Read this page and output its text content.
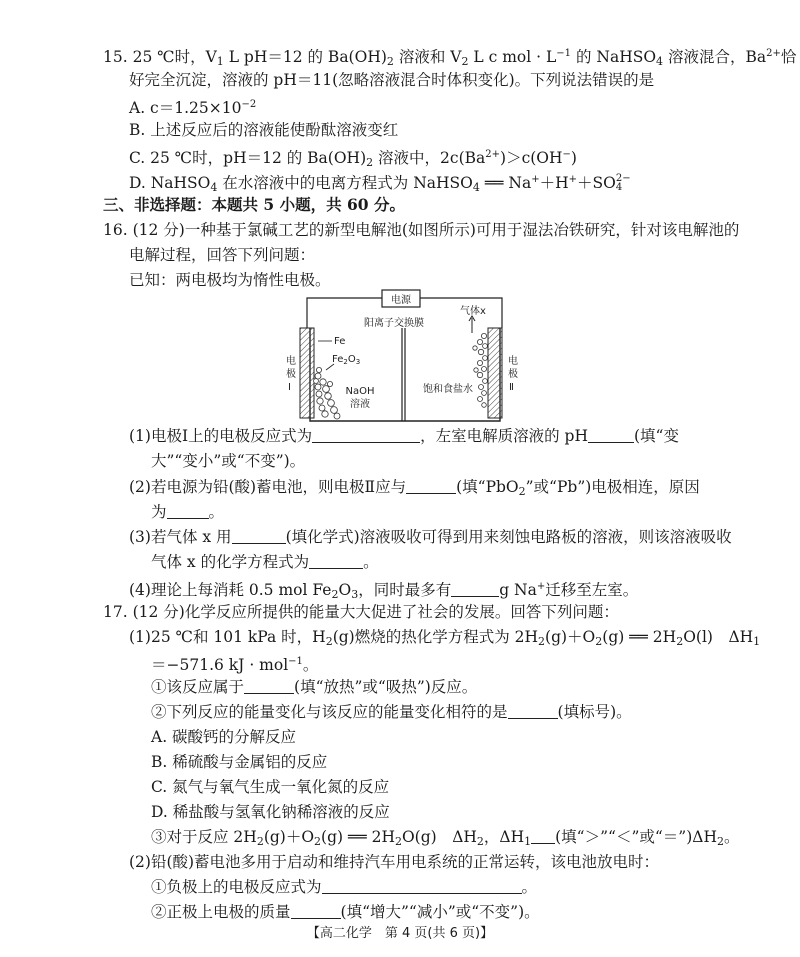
15. 25 ℃时，$V_1$ L pH＝12 的 $Ba(OH)_2$ 溶液和 $V_2$ L c mol · $L^{-1}$ 的 NaHSO$_4$ 溶液混合，$Ba^{2+}$恰
好完全沉淀，溶液的 pH＝11(忽略溶液混合时体积变化)。下列说法错误的是
A. $c=1.25\times 10^{-2}$
B. 上述反应后的溶液能使酚酞溶液变红
C. 25 ℃时，pH＝12 的 $Ba(OH)_2$ 溶液中，$2c(Ba^{2+})>c(OH^-)$
D. NaHSO$_4$ 在水溶液中的电离方程式为 NaHSO$_4$ ══ Na+＋H+＋SO2−
4
三、非选择题：本题共 5 小题，共 60 分。
16. (12 分)一种基于氯碱工艺的新型电解池(如图所示)可用于湿法冶铁研究，针对该电解池的
电解过程，回答下列问题：
已知：两电极均为惰性电极。
电源
阳离子交换膜
气体x
Fe
$Fe_2O_3$
NaOH
溶液
饱和食盐水
电
极
Ⅰ
电
极
Ⅱ
(1)电极Ⅰ上的电极反应式为	，左室电解质溶液的 pH	(填“变
大”“变小”或“不变”)。
(2)若电源为铅(酸)蓄电池，则电极Ⅱ应与	(填“PbO$_2$”或“Pb”)电极相连，原因
为	。
(3)若气体 x 用	(填化学式)溶液吸收可得到用来刻蚀电路板的溶液，则该溶液吸收
气体 x 的化学方程式为	。
(4)理论上每消耗 0.5 mol $Fe_2O_3$，同时最多有	g Na+迁移至左室。
17. (12 分)化学反应所提供的能量大大促进了社会的发展。回答下列问题：
(1)25 ℃和 101 kPa 时，$H_2(g)$燃烧的热化学方程式为 $2H_2(g)+O_2(g)$ ══ $2H_2O(l)$　$\Delta H_1$
＝−571.6 kJ · mol$^{-1}$。
①该反应属于	(填“放热”或“吸热”)反应。
②下列反应的能量变化与该反应的能量变化相符的是	(填标号)。
A. 碳酸钙的分解反应
B. 稀硫酸与金属铝的反应
C. 氮气与氧气生成一氧化氮的反应
D. 稀盐酸与氢氧化钠稀溶液的反应
③对于反应 $2H_2(g)+O_2(g)$ ══ $2H_2O(g)$　$\Delta H_2$，$\Delta H_1$ (填“＞”“＜”或“$=”)\Delta H_2$。
(2)铅(酸)蓄电池多用于启动和维持汽车用电系统的正常运转，该电池放电时：
①负极上的电极反应式为	。
②正极上电极的质量	(填“增大”“减小”或“不变”)。
【高二化学　第 4 页(共 6 页)】
